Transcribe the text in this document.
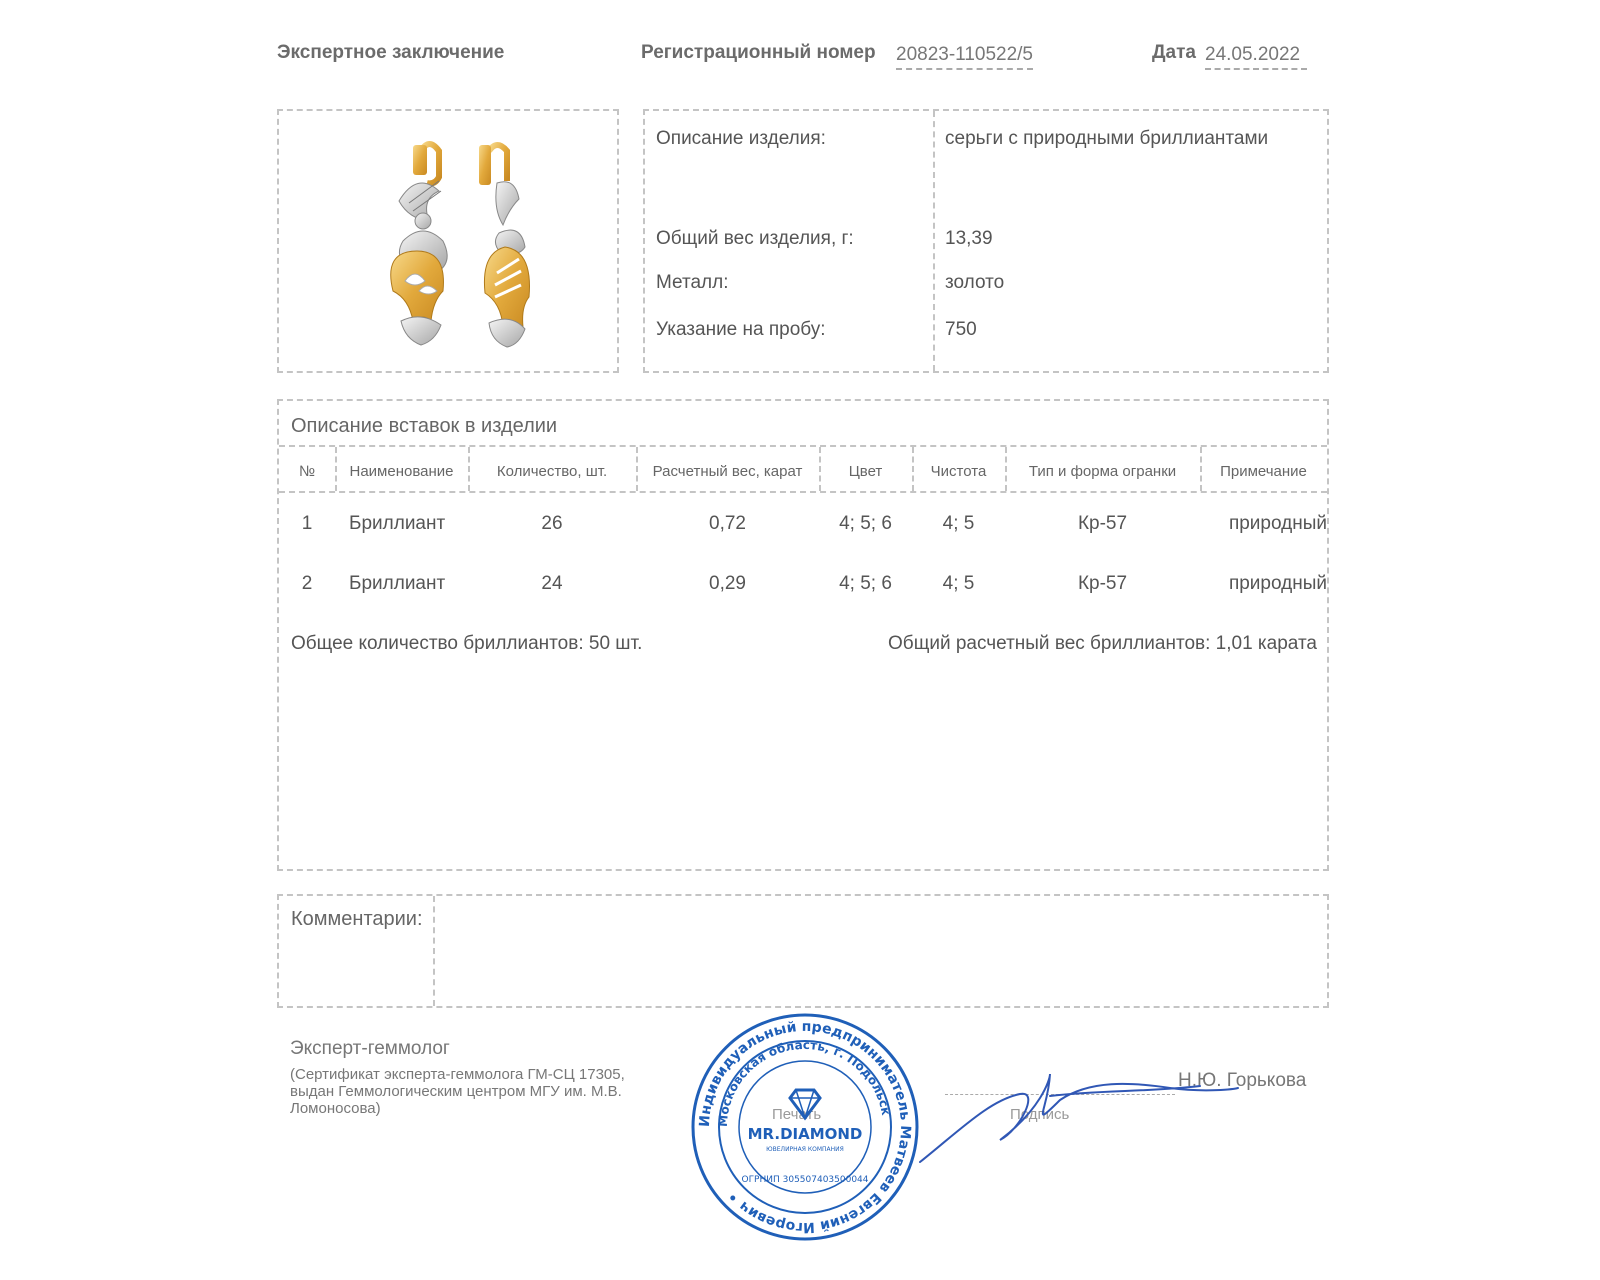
Экспертное заключение	Регистрационный номер 20823-110522/5	Дата 24.05.2022
Описание изделия:	серьги с природными бриллиантами
Общий вес изделия, г:	13,39
Металл:	золото
Указание на пробу:	750
Описание вставок в изделии
№	Наименование	Количество, шт.	Расчетный вес, карат	Цвет	Чистота	Тип и форма огранки	Примечание
1	Бриллиант	26	0,72	4; 5; 6	4; 5	Кр-57	природный
2	Бриллиант	24	0,29	4; 5; 6	4; 5	Кр-57	природный
Общее количество бриллиантов: 50 шт.	Общий расчетный вес бриллиантов: 1,01 карата
Комментарии:
Эксперт-геммолог
(Сертификат эксперта-геммолога ГМ-СЦ 17305, выдан Геммологическим центром МГУ им. М.В. Ломоносова)	Печать	Подпись
Н.Ю. Горькова
Индивидуальный предприниматель Матвеев Евгений Игоревич •
Московская область, г. Подольск
MR.DIAMOND
ЮВЕЛИРНАЯ КОМПАНИЯ
ОГРНИП 305507403500044
